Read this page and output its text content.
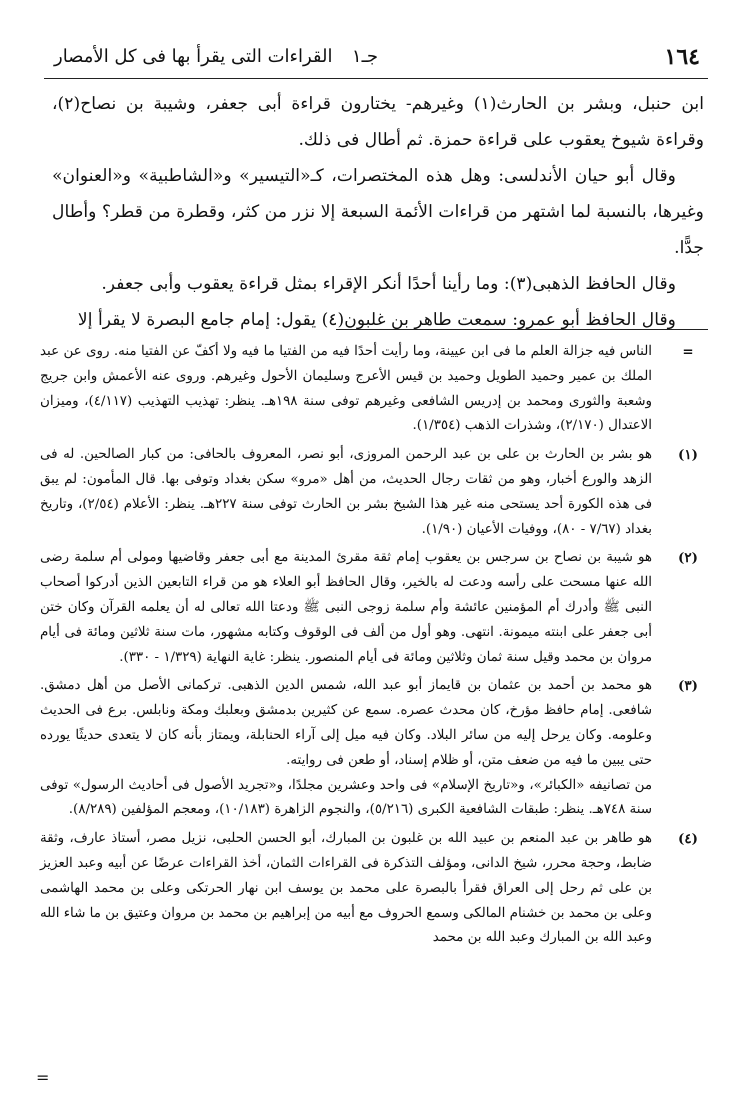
١٦٤
جـ١
القراءات التى يقرأ بها فى كل الأمصار

ابن حنبل، وبشر بن الحارث(١) وغيرهم- يختارون قراءة أبى جعفر، وشيبة بن نصاح(٢)، وقراءة شيوخ يعقوب على قراءة حمزة. ثم أطال فى ذلك.

وقال أبو حيان الأندلسى: وهل هذه المختصرات، كـ«التيسير» و«الشاطبية» و«العنوان» وغيرها، بالنسبة لما اشتهر من قراءات الأئمة السبعة إلا نزر من كثر، وقطرة من قطر؟ وأطال جدًّا.

وقال الحافظ الذهبى(٣): وما رأينا أحدًا أنكر الإقراء بمثل قراءة يعقوب وأبى جعفر.

وقال الحافظ أبو عمرو: سمعت طاهر بن غلبون(٤) يقول: إمام جامع البصرة لا يقرأ إلا

=

الناس فيه جزالة العلم ما فى ابن عيينة، وما رأيت أحدًا فيه من الفتيا ما فيه ولا أكفّ عن الفتيا منه. روى عن عبد الملك بن عمير وحميد الطويل وحميد بن قيس الأعرج وسليمان الأحول وغيرهم. وروى عنه الأعمش وابن جريج وشعبة والثورى ومحمد بن إدريس الشافعى وغيرهم توفى سنة ١٩٨هـ. ينظر: تهذيب التهذيب (٤/١١٧)، وميزان الاعتدال (٢/١٧٠)، وشذرات الذهب (١/٣٥٤).

(١)

هو بشر بن الحارث بن على بن عبد الرحمن المروزى، أبو نصر، المعروف بالحافى: من كبار الصالحين. له فى الزهد والورع أخبار، وهو من ثقات رجال الحديث، من أهل «مرو» سكن بغداد وتوفى بها. قال المأمون: لم يبق فى هذه الكورة أحد يستحى منه غير هذا الشيخ بشر بن الحارث توفى سنة ٢٢٧هـ. ينظر: الأعلام (٢/٥٤)، وتاريخ بغداد (٧/٦٧ - ٨٠)، ووفيات الأعيان (١/٩٠).

(٢)

هو شيبة بن نصاح بن سرجس بن يعقوب إمام ثقة مقرئ المدينة مع أبى جعفر وقاضيها ومولى أم سلمة رضى الله عنها مسحت على رأسه ودعت له بالخير، وقال الحافظ أبو العلاء هو من قراء التابعين الذين أدركوا أصحاب النبى ﷺ وأدرك أم المؤمنين عائشة وأم سلمة زوجى النبى ﷺ ودعتا الله تعالى له أن يعلمه القرآن وكان ختن أبى جعفر على ابنته ميمونة. انتهى. وهو أول من ألف فى الوقوف وكتابه مشهور، مات سنة ثلاثين ومائة فى أيام مروان بن محمد وقيل سنة ثمان وثلاثين ومائة فى أيام المنصور. ينظر: غاية النهاية (١/٣٢٩ - ٣٣٠).

(٣)

هو محمد بن أحمد بن عثمان بن قايماز أبو عبد الله، شمس الدين الذهبى. تركمانى الأصل من أهل دمشق. شافعى. إمام حافظ مؤرخ، كان محدث عصره. سمع عن كثيرين بدمشق وبعلبك ومكة ونابلس. برع فى الحديث وعلومه. وكان يرحل إليه من سائر البلاد. وكان فيه ميل إلى آراء الحنابلة، ويمتاز بأنه كان لا يتعدى حديثًا يورده حتى يبين ما فيه من ضعف متن، أو ظلام إسناد، أو طعن فى روايته.

من تصانيفه «الكبائر»، و«تاريخ الإسلام» فى واحد وعشرين مجلدًا، و«تجريد الأصول فى أحاديث الرسول» توفى سنة ٧٤٨هـ. ينظر: طبقات الشافعية الكبرى (٥/٢١٦)، والنجوم الزاهرة (١٠/١٨٣)، ومعجم المؤلفين (٨/٢٨٩).

(٤)

هو طاهر بن عبد المنعم بن عبيد الله بن غلبون بن المبارك، أبو الحسن الحلبى، نزيل مصر، أستاذ عارف، وثقة ضابط، وحجة محرر، شيخ الدانى، ومؤلف التذكرة فى القراءات الثمان، أخذ القراءات عرضًا عن أبيه وعبد العزيز بن على ثم رحل إلى العراق فقرأ بالبصرة على محمد بن يوسف ابن نهار الحرتكى وعلى بن محمد الهاشمى وعلى بن محمد بن خشنام المالكى وسمع الحروف مع أبيه من إبراهيم بن محمد بن مروان وعتيق بن ما شاء الله وعبد الله بن المبارك وعبد الله بن محمد

=
